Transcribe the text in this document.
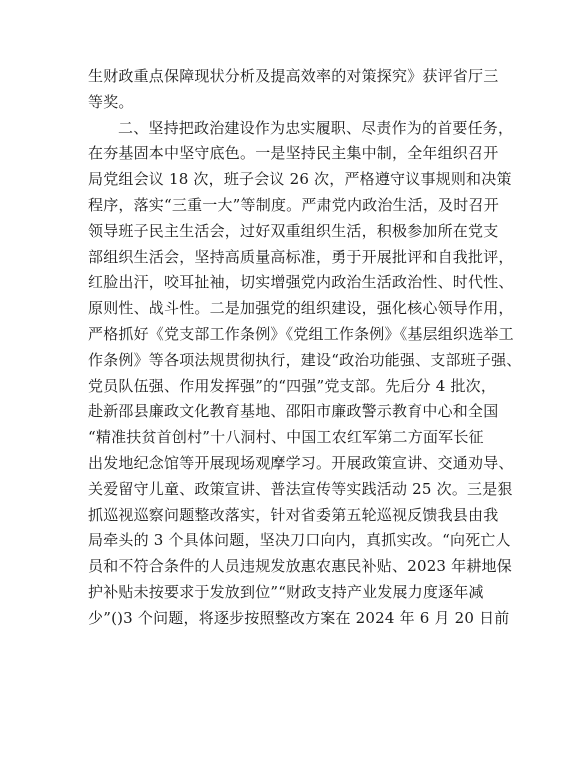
生财政重点保障现状分析及提高效率的对策探究》获评省厅三
等奖。
二、坚持把政治建设作为忠实履职、尽责作为的首要任务，
在夯基固本中坚守底色。一是坚持民主集中制，全年组织召开
局党组会议 18 次，班子会议 26 次，严格遵守议事规则和决策
程序，落实“三重一大”等制度。严肃党内政治生活，及时召开
领导班子民主生活会，过好双重组织生活，积极参加所在党支
部组织生活会，坚持高质量高标准，勇于开展批评和自我批评，
红脸出汗，咬耳扯袖，切实增强党内政治生活政治性、时代性、
原则性、战斗性。二是加强党的组织建设，强化核心领导作用，
严格抓好《党支部工作条例》《党组工作条例》《基层组织选举工
作条例》等各项法规贯彻执行，建设“政治功能强、支部班子强、
党员队伍强、作用发挥强”的“四强”党支部。先后分 4 批次，
赴新邵县廉政文化教育基地、邵阳市廉政警示教育中心和全国
“精准扶贫首创村”十八洞村、中国工农红军第二方面军长征
出发地纪念馆等开展现场观摩学习。开展政策宣讲、交通劝导、
关爱留守儿童、政策宣讲、普法宣传等实践活动 25 次。三是狠
抓巡视巡察问题整改落实，针对省委第五轮巡视反馈我县由我
局牵头的 3 个具体问题，坚决刀口向内，真抓实改。“向死亡人
员和不符合条件的人员违规发放惠农惠民补贴、2023 年耕地保
护补贴未按要求于发放到位”“财政支持产业发展力度逐年减
少”()3 个问题，将逐步按照整改方案在 2024 年 6 月 20 日前
